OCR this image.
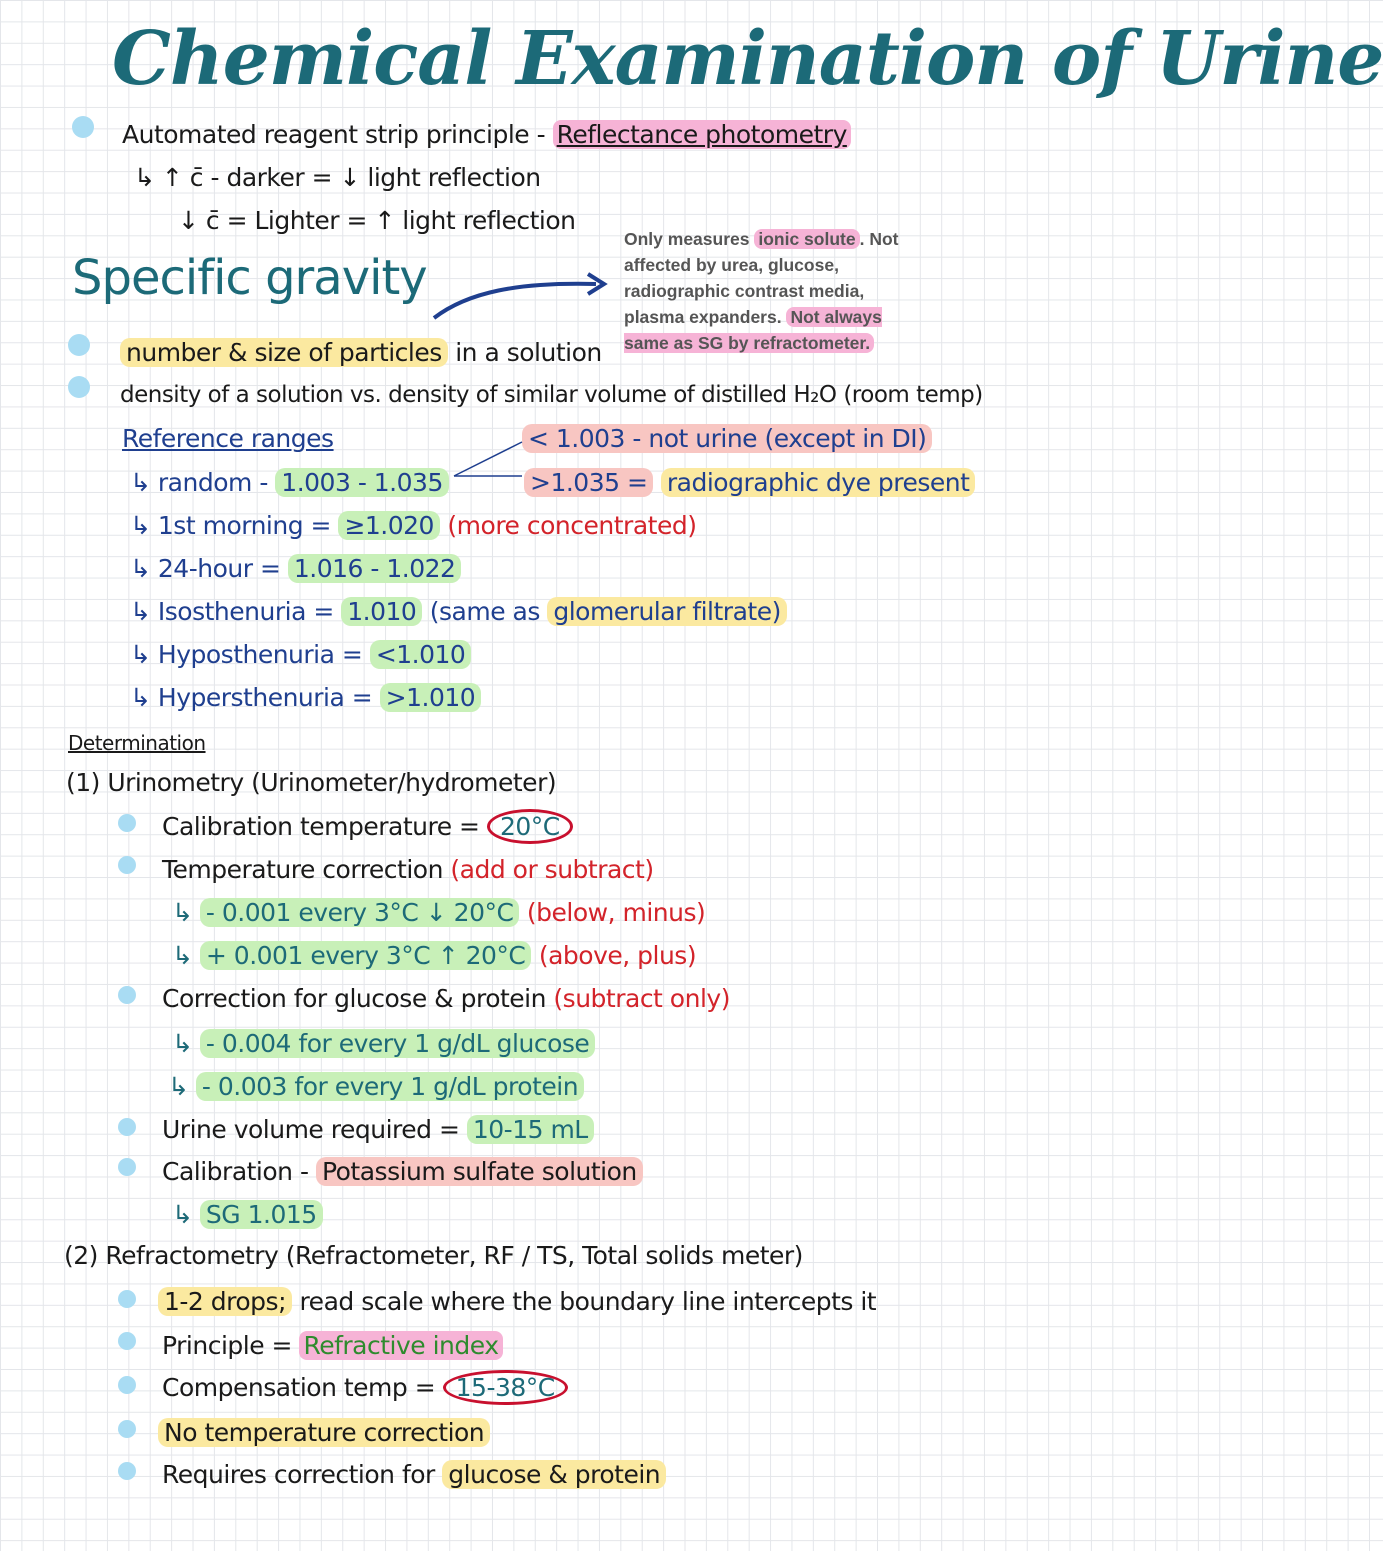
Chemical Examination of Urine
Automated reagent strip principle - Reflectance photometry
↳ ↑ c̄ - darker = ↓ light reflection
↓ c̄ = Lighter = ↑ light reflection
Specific gravity
Only measures ionic solute . Not affected by urea, glucose, radiographic contrast media, plasma expanders. Not always same as SG by refractometer.
number & size of particles in a solution
density of a solution vs. density of similar volume of distilled H₂O (room temp)
Reference ranges	< 1.003 - not urine (except in DI)
↳ random - 1.003 - 1.035	>1.035 = radiographic dye present
↳ 1st morning = ≥1.020 (more concentrated)
↳ 24-hour = 1.016 - 1.022
↳ Isosthenuria = 1.010 (same as glomerular filtrate)
↳ Hyposthenuria = <1.010
↳ Hypersthenuria = >1.010
Determination
(1) Urinometry (Urinometer/hydrometer)
Calibration temperature = 20°C
Temperature correction (add or subtract)
↳ - 0.001 every 3°C ↓ 20°C (below, minus)
↳ + 0.001 every 3°C ↑ 20°C (above, plus)
Correction for glucose & protein (subtract only)
↳ - 0.004 for every 1 g/dL glucose
↳ - 0.003 for every 1 g/dL protein
Urine volume required = 10-15 mL
Calibration - Potassium sulfate solution
↳ SG 1.015
(2) Refractometry (Refractometer, RF / TS, Total solids meter)
1-2 drops; read scale where the boundary line intercepts it
Principle = Refractive index
Compensation temp = 15-38°C
No temperature correction
Requires correction for glucose & protein
